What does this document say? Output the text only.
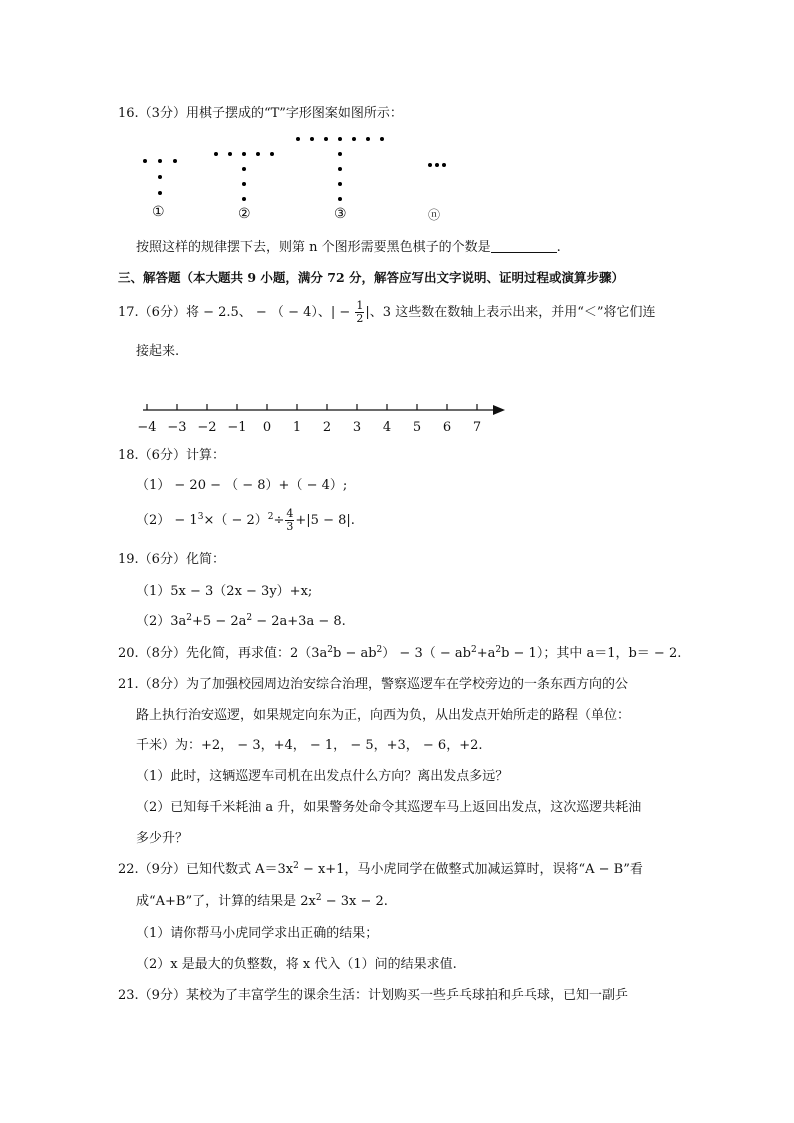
16.（3分）用棋子摆成的“T”字形图案如图所示：
①	②	③	ⓝ
按照这样的规律摆下去，则第 n 个图形需要黑色棋子的个数是	.
三、解答题（本大题共 9 小题，满分 72 分，解答应写出文字说明、证明过程或演算步骤）
17.（6分）将 − 2.5、 − （ − 4）、| − $\frac{1}{2}$ |、3 这些数在数轴上表示出来，并用“＜”将它们连
接起来.
−4 −3 −2 −1 0 1 2 3 4 5 6 7
18.（6分）计算：
（1） − 20 − （ − 8）+（ − 4）;
$(2) - 1^3\times( - 2)^2\div \frac{4}{3} +|5 - 8|$.
19.（6分）化简：
（1）5x − 3（2x − 3y）+x;
$(2)3a^2+5 - 2a^2 - 2a+3a - 8$.
20.（8分）先化简，再求值：$2(3a^2b - ab^2) - 3( - ab^2+a^2b - 1)$；其中 a＝1，b＝ − 2.
21.（8分）为了加强校园周边治安综合治理，警察巡逻车在学校旁边的一条东西方向的公
路上执行治安巡逻，如果规定向东为正，向西为负，从出发点开始所走的路程（单位：
千米）为：+2， − 3，+4， − 1， − 5，+3， − 6，+2.
（1）此时，这辆巡逻车司机在出发点什么方向？离出发点多远？
（2）已知每千米耗油 a 升，如果警务处命令其巡逻车马上返回出发点，这次巡逻共耗油
多少升？
22.（9分）已知代数式 $A=3x^2 - x+1$，马小虎同学在做整式加减运算时，误将“A − B”看
成“A+B”了，计算的结果是 $2x^2 - 3x - 2$.
（1）请你帮马小虎同学求出正确的结果；
（2）x 是最大的负整数，将 x 代入（1）问的结果求值.
23.（9分）某校为了丰富学生的课余生活：计划购买一些乒乓球拍和乒乓球，已知一副乒
